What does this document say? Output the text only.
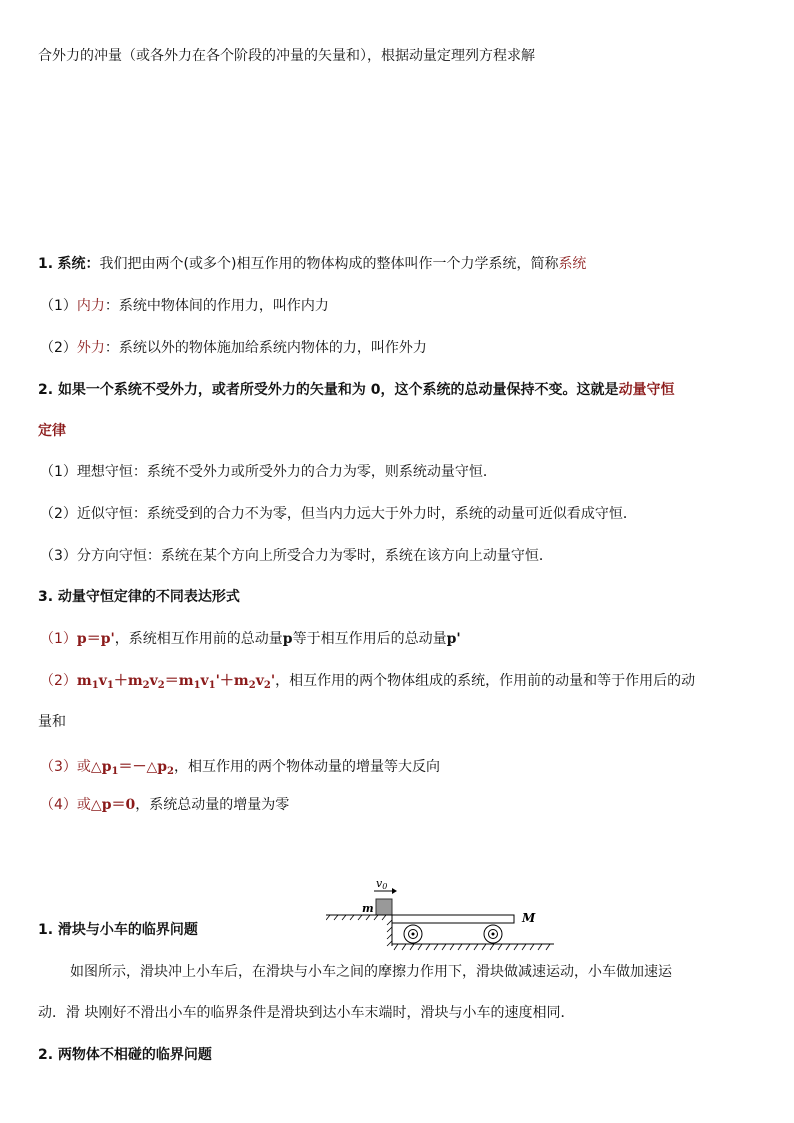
合外力的冲量（或各外力在各个阶段的冲量的矢量和），根据动量定理列方程求解
1. 系统：我们把由两个(或多个)相互作用的物体构成的整体叫作一个力学系统，简称系统
（1）内力：系统中物体间的作用力，叫作内力
（2）外力：系统以外的物体施加给系统内物体的力，叫作外力
2. 如果一个系统不受外力，或者所受外力的矢量和为 0，这个系统的总动量保持不变。这就是动量守恒
定律
（1）理想守恒：系统不受外力或所受外力的合力为零，则系统动量守恒．
（2）近似守恒：系统受到的合力不为零，但当内力远大于外力时，系统的动量可近似看成守恒．
（3）分方向守恒：系统在某个方向上所受合力为零时，系统在该方向上动量守恒．
3. 动量守恒定律的不同表达形式
（1）p＝p'，系统相互作用前的总动量p等于相互作用后的总动量p'
$(2)m_1v_1+m_2v_2=m_1v_1'+m_2v_2'$，相互作用的两个物体组成的系统，作用前的动量和等于作用后的动
量和
（3）或$\triangle p_1=-\triangle p_2$，相互作用的两个物体动量的增量等大反向
（4）或△p＝0，系统总动量的增量为零
1. 滑块与小车的临界问题
v0
m
M
如图所示，滑块冲上小车后，在滑块与小车之间的摩擦力作用下，滑块做减速运动，小车做加速运
动．滑 块刚好不滑出小车的临界条件是滑块到达小车末端时，滑块与小车的速度相同．
2. 两物体不相碰的临界问题
